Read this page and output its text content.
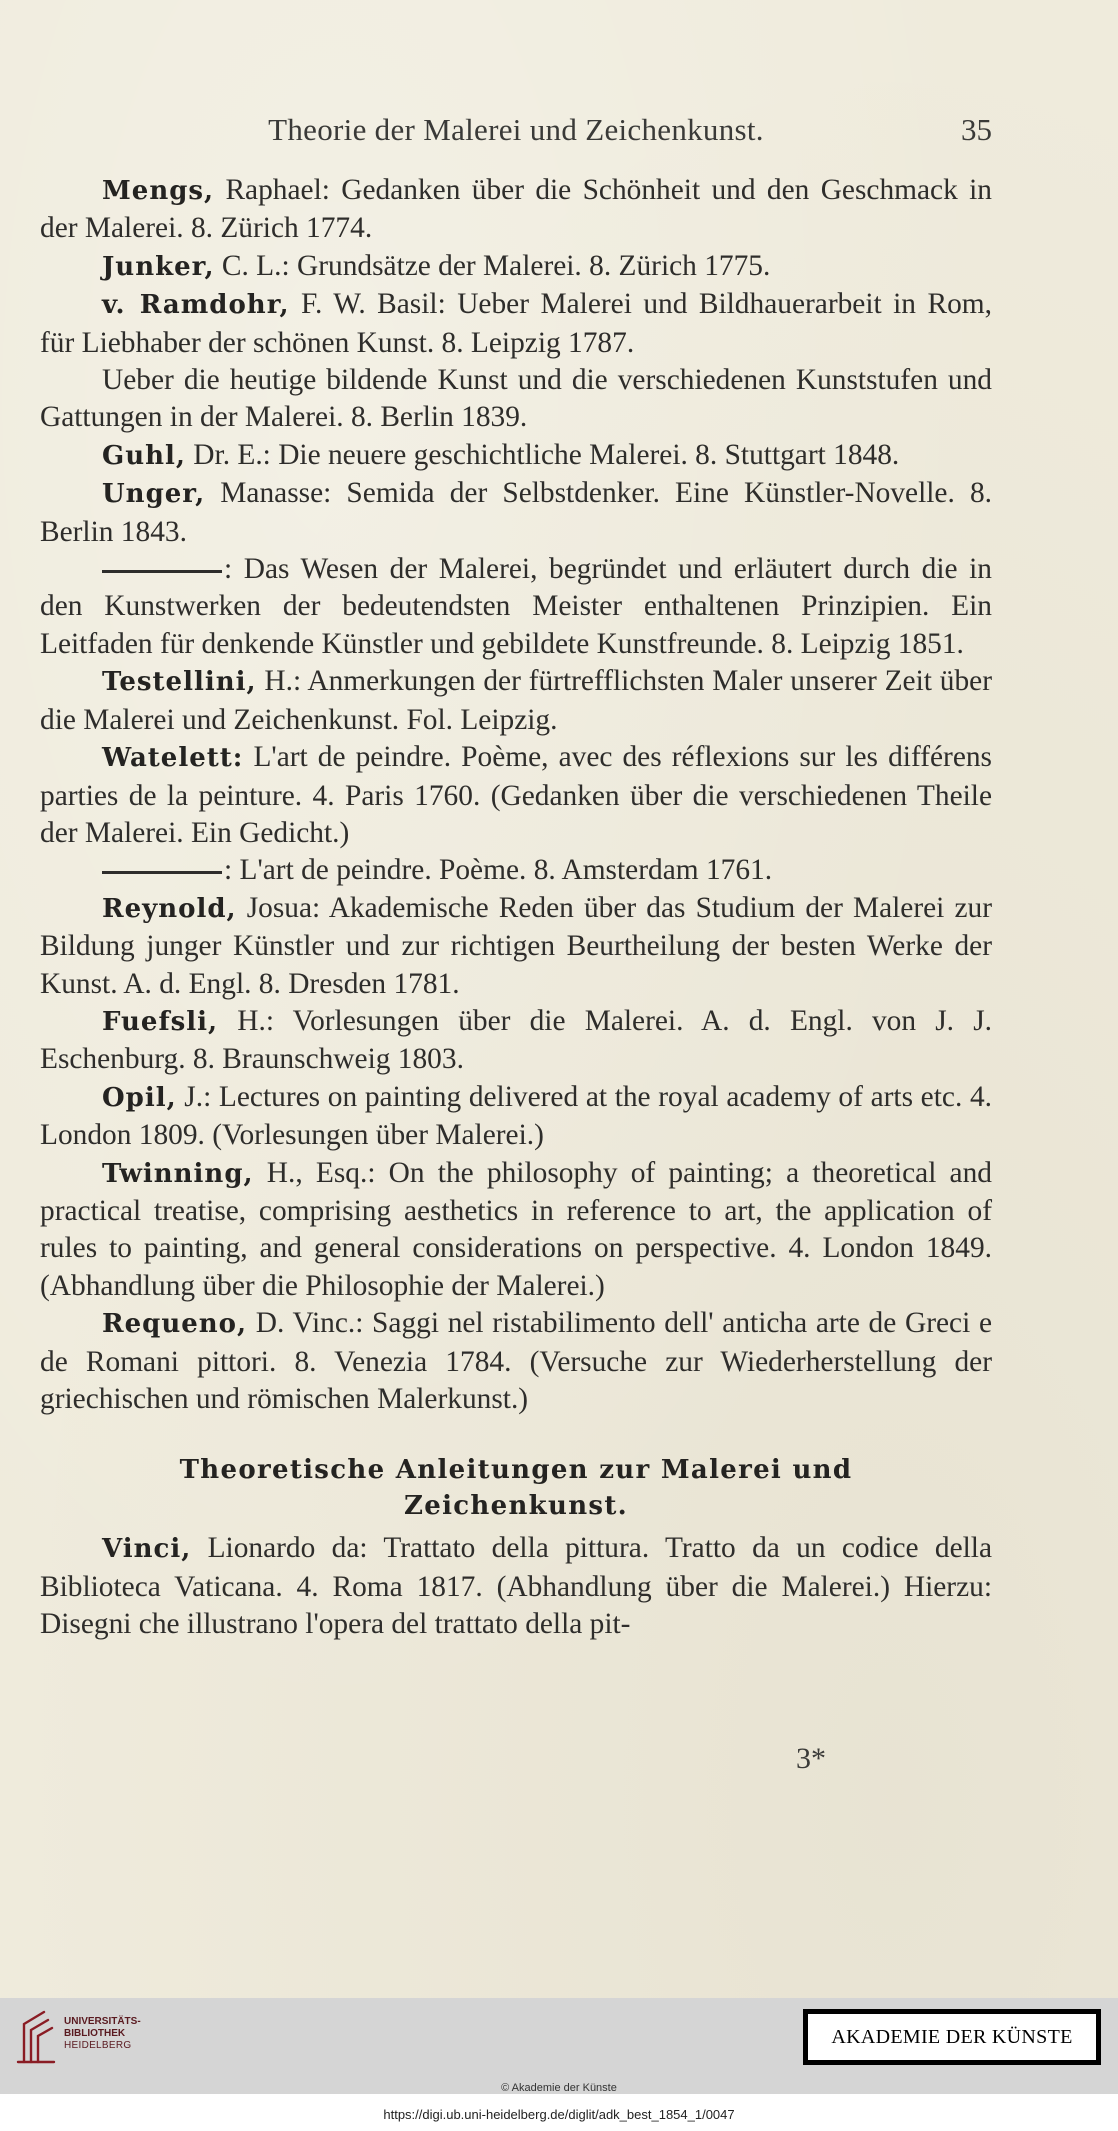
Theorie der Malerei und Zeichenkunst.	35

Mengs, Raphael: Gedanken über die Schönheit und den Geschmack in der Malerei. 8. Zürich 1774.

Junker, C. L.: Grundsätze der Malerei. 8. Zürich 1775.

v. Ramdohr, F. W. Basil: Ueber Malerei und Bildhauerarbeit in Rom, für Liebhaber der schönen Kunst. 8. Leipzig 1787.

Ueber die heutige bildende Kunst und die verschiedenen Kunststufen und Gattungen in der Malerei. 8. Berlin 1839.

Guhl, Dr. E.: Die neuere geschichtliche Malerei. 8. Stuttgart 1848.

Unger, Manasse: Semida der Selbstdenker. Eine Künstler-Novelle. 8. Berlin 1843.

: Das Wesen der Malerei, begründet und erläutert durch die in den Kunstwerken der bedeutendsten Meister enthaltenen Prinzipien. Ein Leitfaden für denkende Künstler und gebildete Kunstfreunde. 8. Leipzig 1851.

Testellini, H.: Anmerkungen der fürtrefflichsten Maler unserer Zeit über die Malerei und Zeichenkunst. Fol. Leipzig.

Watelett: L'art de peindre. Poème, avec des réflexions sur les différens parties de la peinture. 4. Paris 1760. (Gedanken über die verschiedenen Theile der Malerei. Ein Gedicht.)

: L'art de peindre. Poème. 8. Amsterdam 1761.

Reynold, Josua: Akademische Reden über das Studium der Malerei zur Bildung junger Künstler und zur richtigen Beurtheilung der besten Werke der Kunst. A. d. Engl. 8. Dresden 1781.

Fuefsli, H.: Vorlesungen über die Malerei. A. d. Engl. von J. J. Eschenburg. 8. Braunschweig 1803.

Opil, J.: Lectures on painting delivered at the royal academy of arts etc. 4. London 1809. (Vorlesungen über Malerei.)

Twinning, H., Esq.: On the philosophy of painting; a theoretical and practical treatise, comprising aesthetics in reference to art, the application of rules to painting, and general considerations on perspective. 4. London 1849. (Abhandlung über die Philosophie der Malerei.)

Requeno, D. Vinc.: Saggi nel ristabilimento dell' anticha arte de Greci e de Romani pittori. 8. Venezia 1784. (Versuche zur Wiederherstellung der griechischen und römischen Malerkunst.)

Theoretische Anleitungen zur Malerei und
Zeichenkunst.

Vinci, Lionardo da: Trattato della pittura. Tratto da un codice della Biblioteca Vaticana. 4. Roma 1817. (Abhandlung über die Malerei.) Hierzu: Disegni che illustrano l'opera del trattato della pit-

3*
UNIVERSITÄTS-
BIBLIOTHEK
HEIDELBERG	AKADEMIE DER KÜNSTE
© Akademie der Künste
https://digi.ub.uni-heidelberg.de/diglit/adk_best_1854_1/0047
